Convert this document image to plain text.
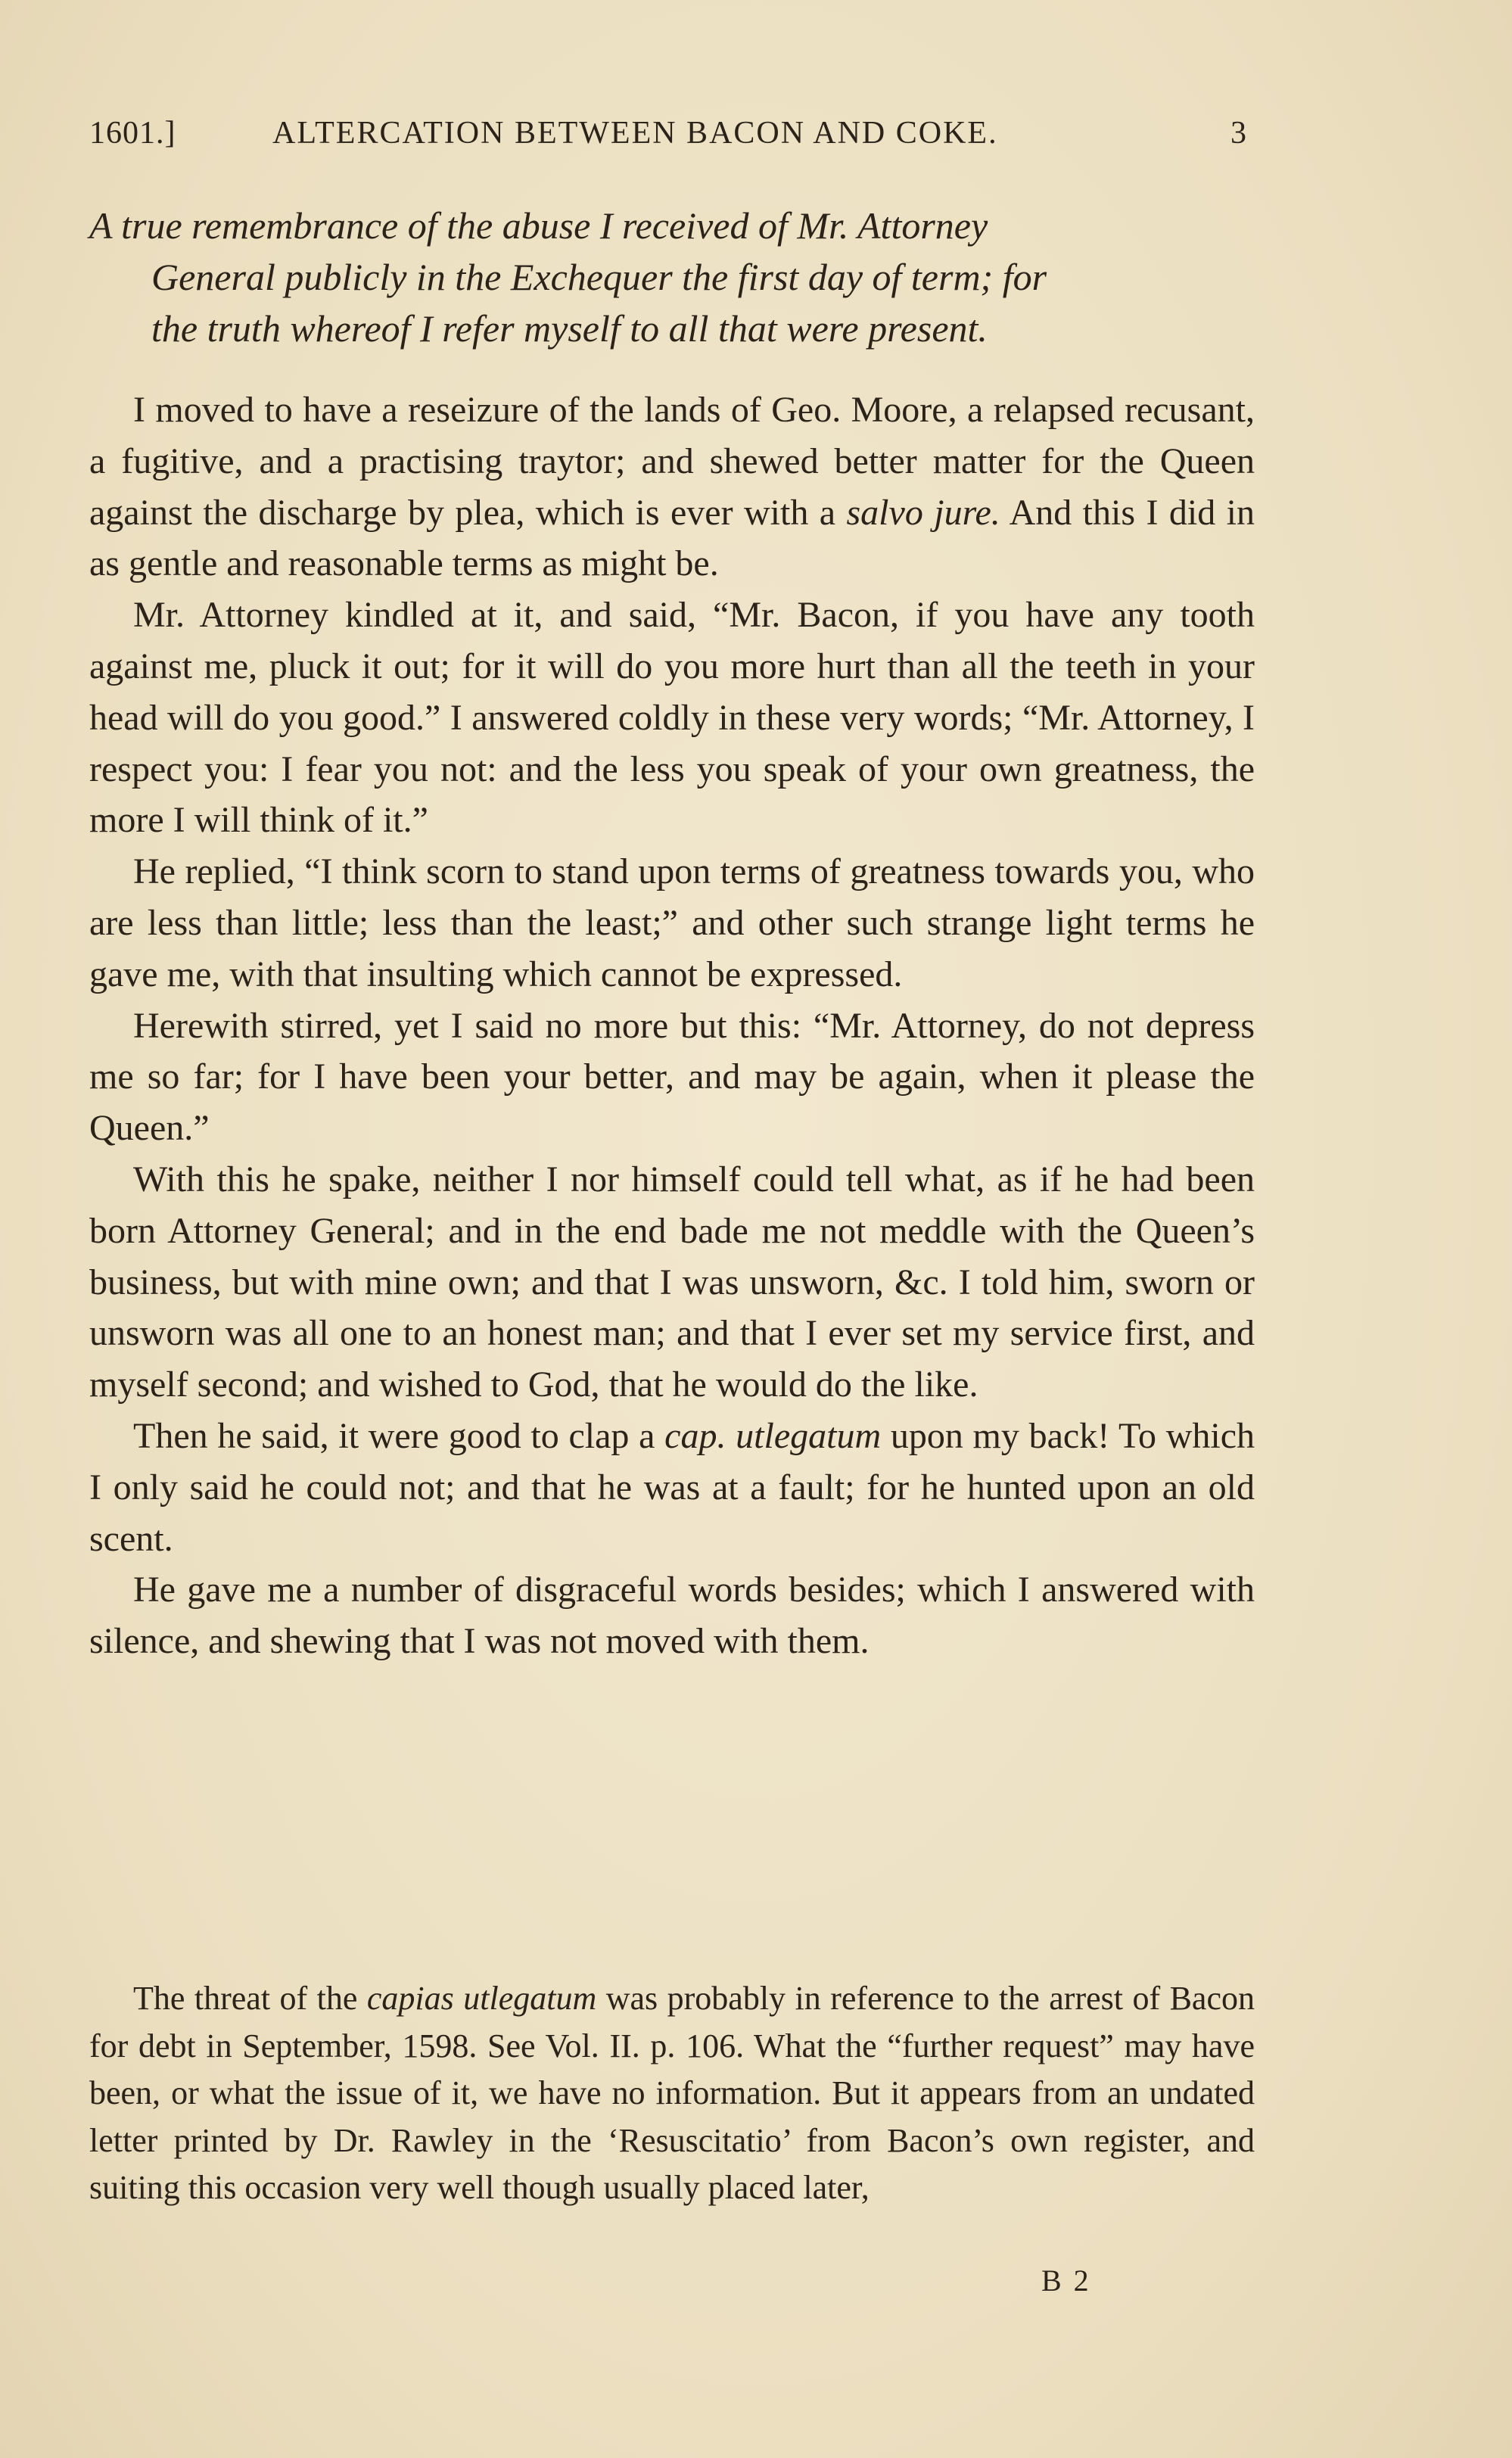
1601.]	ALTERCATION BETWEEN BACON AND COKE.	3
A true remembrance of the abuse I received of Mr. Attorney
General publicly in the Exchequer the first day of term; for
the truth whereof I refer myself to all that were present.

I moved to have a reseizure of the lands of Geo. Moore, a relapsed recusant, a fugitive, and a practising traytor; and shewed better matter for the Queen against the discharge by plea, which is ever with a salvo jure. And this I did in as gentle and reasonable terms as might be.

Mr. Attorney kindled at it, and said, “Mr. Bacon, if you have any tooth against me, pluck it out; for it will do you more hurt than all the teeth in your head will do you good.” I answered coldly in these very words; “Mr. Attorney, I respect you: I fear you not: and the less you speak of your own greatness, the more I will think of it.”

He replied, “I think scorn to stand upon terms of greatness towards you, who are less than little; less than the least;” and other such strange light terms he gave me, with that insulting which cannot be expressed.

Herewith stirred, yet I said no more but this: “Mr. Attorney, do not depress me so far; for I have been your better, and may be again, when it please the Queen.”

With this he spake, neither I nor himself could tell what, as if he had been born Attorney General; and in the end bade me not meddle with the Queen’s business, but with mine own; and that I was unsworn, &c. I told him, sworn or unsworn was all one to an honest man; and that I ever set my service first, and myself second; and wished to God, that he would do the like.

Then he said, it were good to clap a cap. utlegatum upon my back! To which I only said he could not; and that he was at a fault; for he hunted upon an old scent.

He gave me a number of disgraceful words besides; which I answered with silence, and shewing that I was not moved with them.

The threat of the capias utlegatum was probably in reference to the arrest of Bacon for debt in September, 1598. See Vol. II. p. 106. What the “further request” may have been, or what the issue of it, we have no information. But it appears from an undated letter printed by Dr. Rawley in the ‘Resuscitatio’ from Bacon’s own register, and suiting this occasion very well though usually placed later,

B 2
